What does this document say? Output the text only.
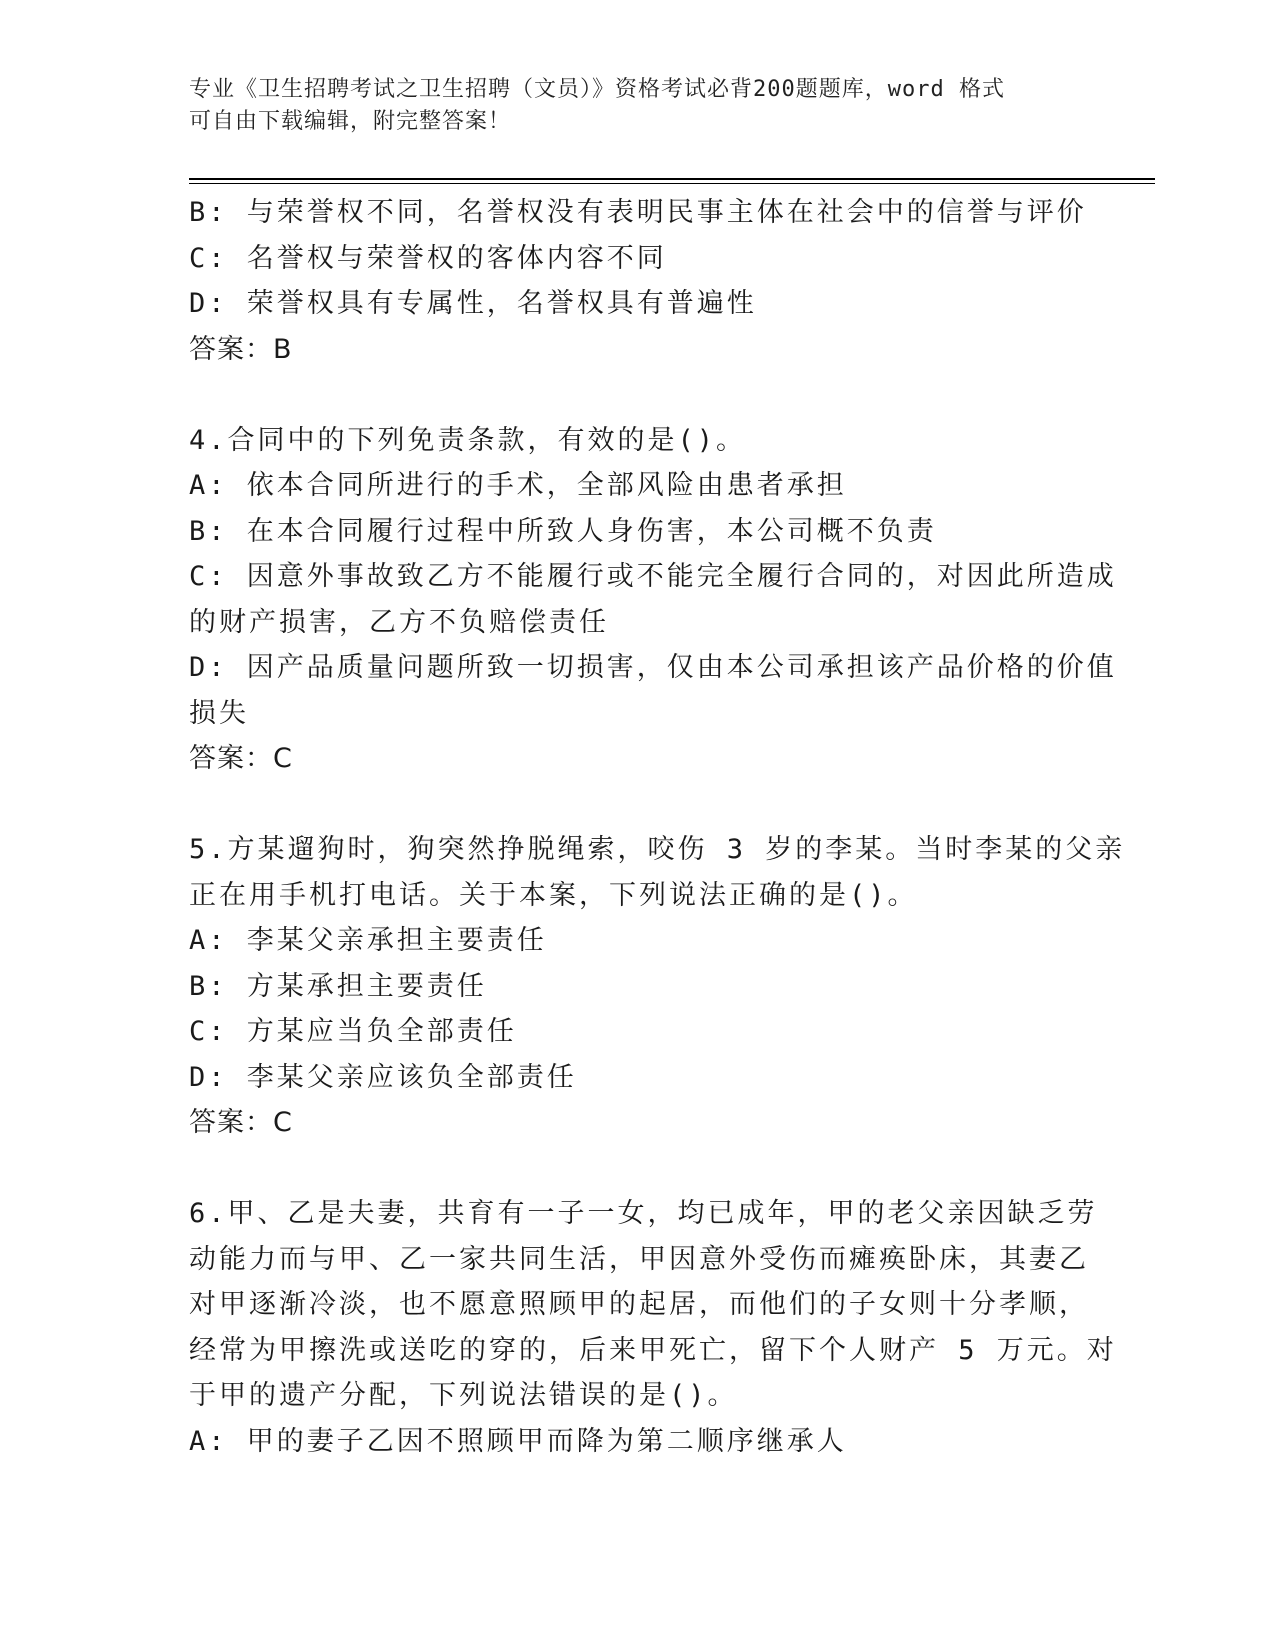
专业《卫生招聘考试之卫生招聘（文员）》资格考试必背200题题库，word 格式
可自由下载编辑，附完整答案！

B: 与荣誉权不同，名誉权没有表明民事主体在社会中的信誉与评价

C: 名誉权与荣誉权的客体内容不同

D: 荣誉权具有专属性，名誉权具有普遍性

答案：B

4.合同中的下列免责条款，有效的是()。

A: 依本合同所进行的手术，全部风险由患者承担

B: 在本合同履行过程中所致人身伤害，本公司概不负责

C: 因意外事故致乙方不能履行或不能完全履行合同的，对因此所造成

的财产损害，乙方不负赔偿责任

D: 因产品质量问题所致一切损害，仅由本公司承担该产品价格的价值

损失

答案：C

5.方某遛狗时，狗突然挣脱绳索，咬伤 3 岁的李某。当时李某的父亲

正在用手机打电话。关于本案，下列说法正确的是()。

A: 李某父亲承担主要责任

B: 方某承担主要责任

C: 方某应当负全部责任

D: 李某父亲应该负全部责任

答案：C

6.甲、乙是夫妻，共育有一子一女，均已成年，甲的老父亲因缺乏劳

动能力而与甲、乙一家共同生活，甲因意外受伤而瘫痪卧床，其妻乙

对甲逐渐冷淡，也不愿意照顾甲的起居，而他们的子女则十分孝顺，

经常为甲擦洗或送吃的穿的，后来甲死亡，留下个人财产 5 万元。对

于甲的遗产分配，下列说法错误的是()。

A: 甲的妻子乙因不照顾甲而降为第二顺序继承人
